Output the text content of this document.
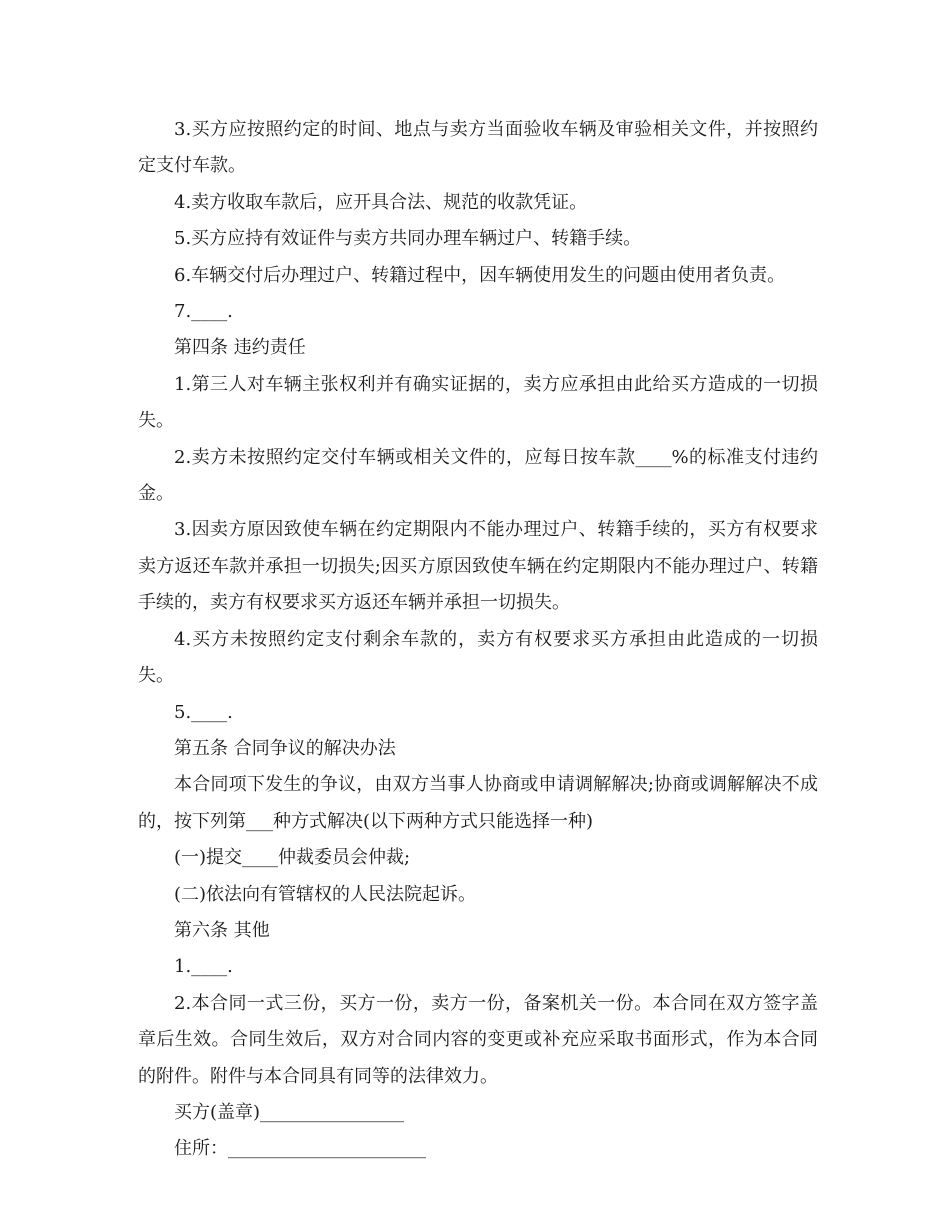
3.买方应按照约定的时间、地点与卖方当面验收车辆及审验相关文件，并按照约定支付车款。

4.卖方收取车款后，应开具合法、规范的收款凭证。

5.买方应持有效证件与卖方共同办理车辆过户、转籍手续。

6.车辆交付后办理过户、转籍过程中，因车辆使用发生的问题由使用者负责。

7.____.

第四条 违约责任

1.第三人对车辆主张权利并有确实证据的，卖方应承担由此给买方造成的一切损失。

2.卖方未按照约定交付车辆或相关文件的，应每日按车款____%的标准支付违约金。

3.因卖方原因致使车辆在约定期限内不能办理过户、转籍手续的，买方有权要求卖方返还车款并承担一切损失;因买方原因致使车辆在约定期限内不能办理过户、转籍手续的，卖方有权要求买方返还车辆并承担一切损失。

4.买方未按照约定支付剩余车款的，卖方有权要求买方承担由此造成的一切损失。

5.____.

第五条 合同争议的解决办法

本合同项下发生的争议，由双方当事人协商或申请调解解决;协商或调解解决不成的，按下列第___种方式解决(以下两种方式只能选择一种)

(一)提交____仲裁委员会仲裁;

(二)依法向有管辖权的人民法院起诉。

第六条 其他

1.____.

2.本合同一式三份，买方一份，卖方一份，备案机关一份。本合同在双方签字盖章后生效。合同生效后，双方对合同内容的变更或补充应采取书面形式，作为本合同的附件。附件与本合同具有同等的法律效力。

买方(盖章)________________

住所：______________________
